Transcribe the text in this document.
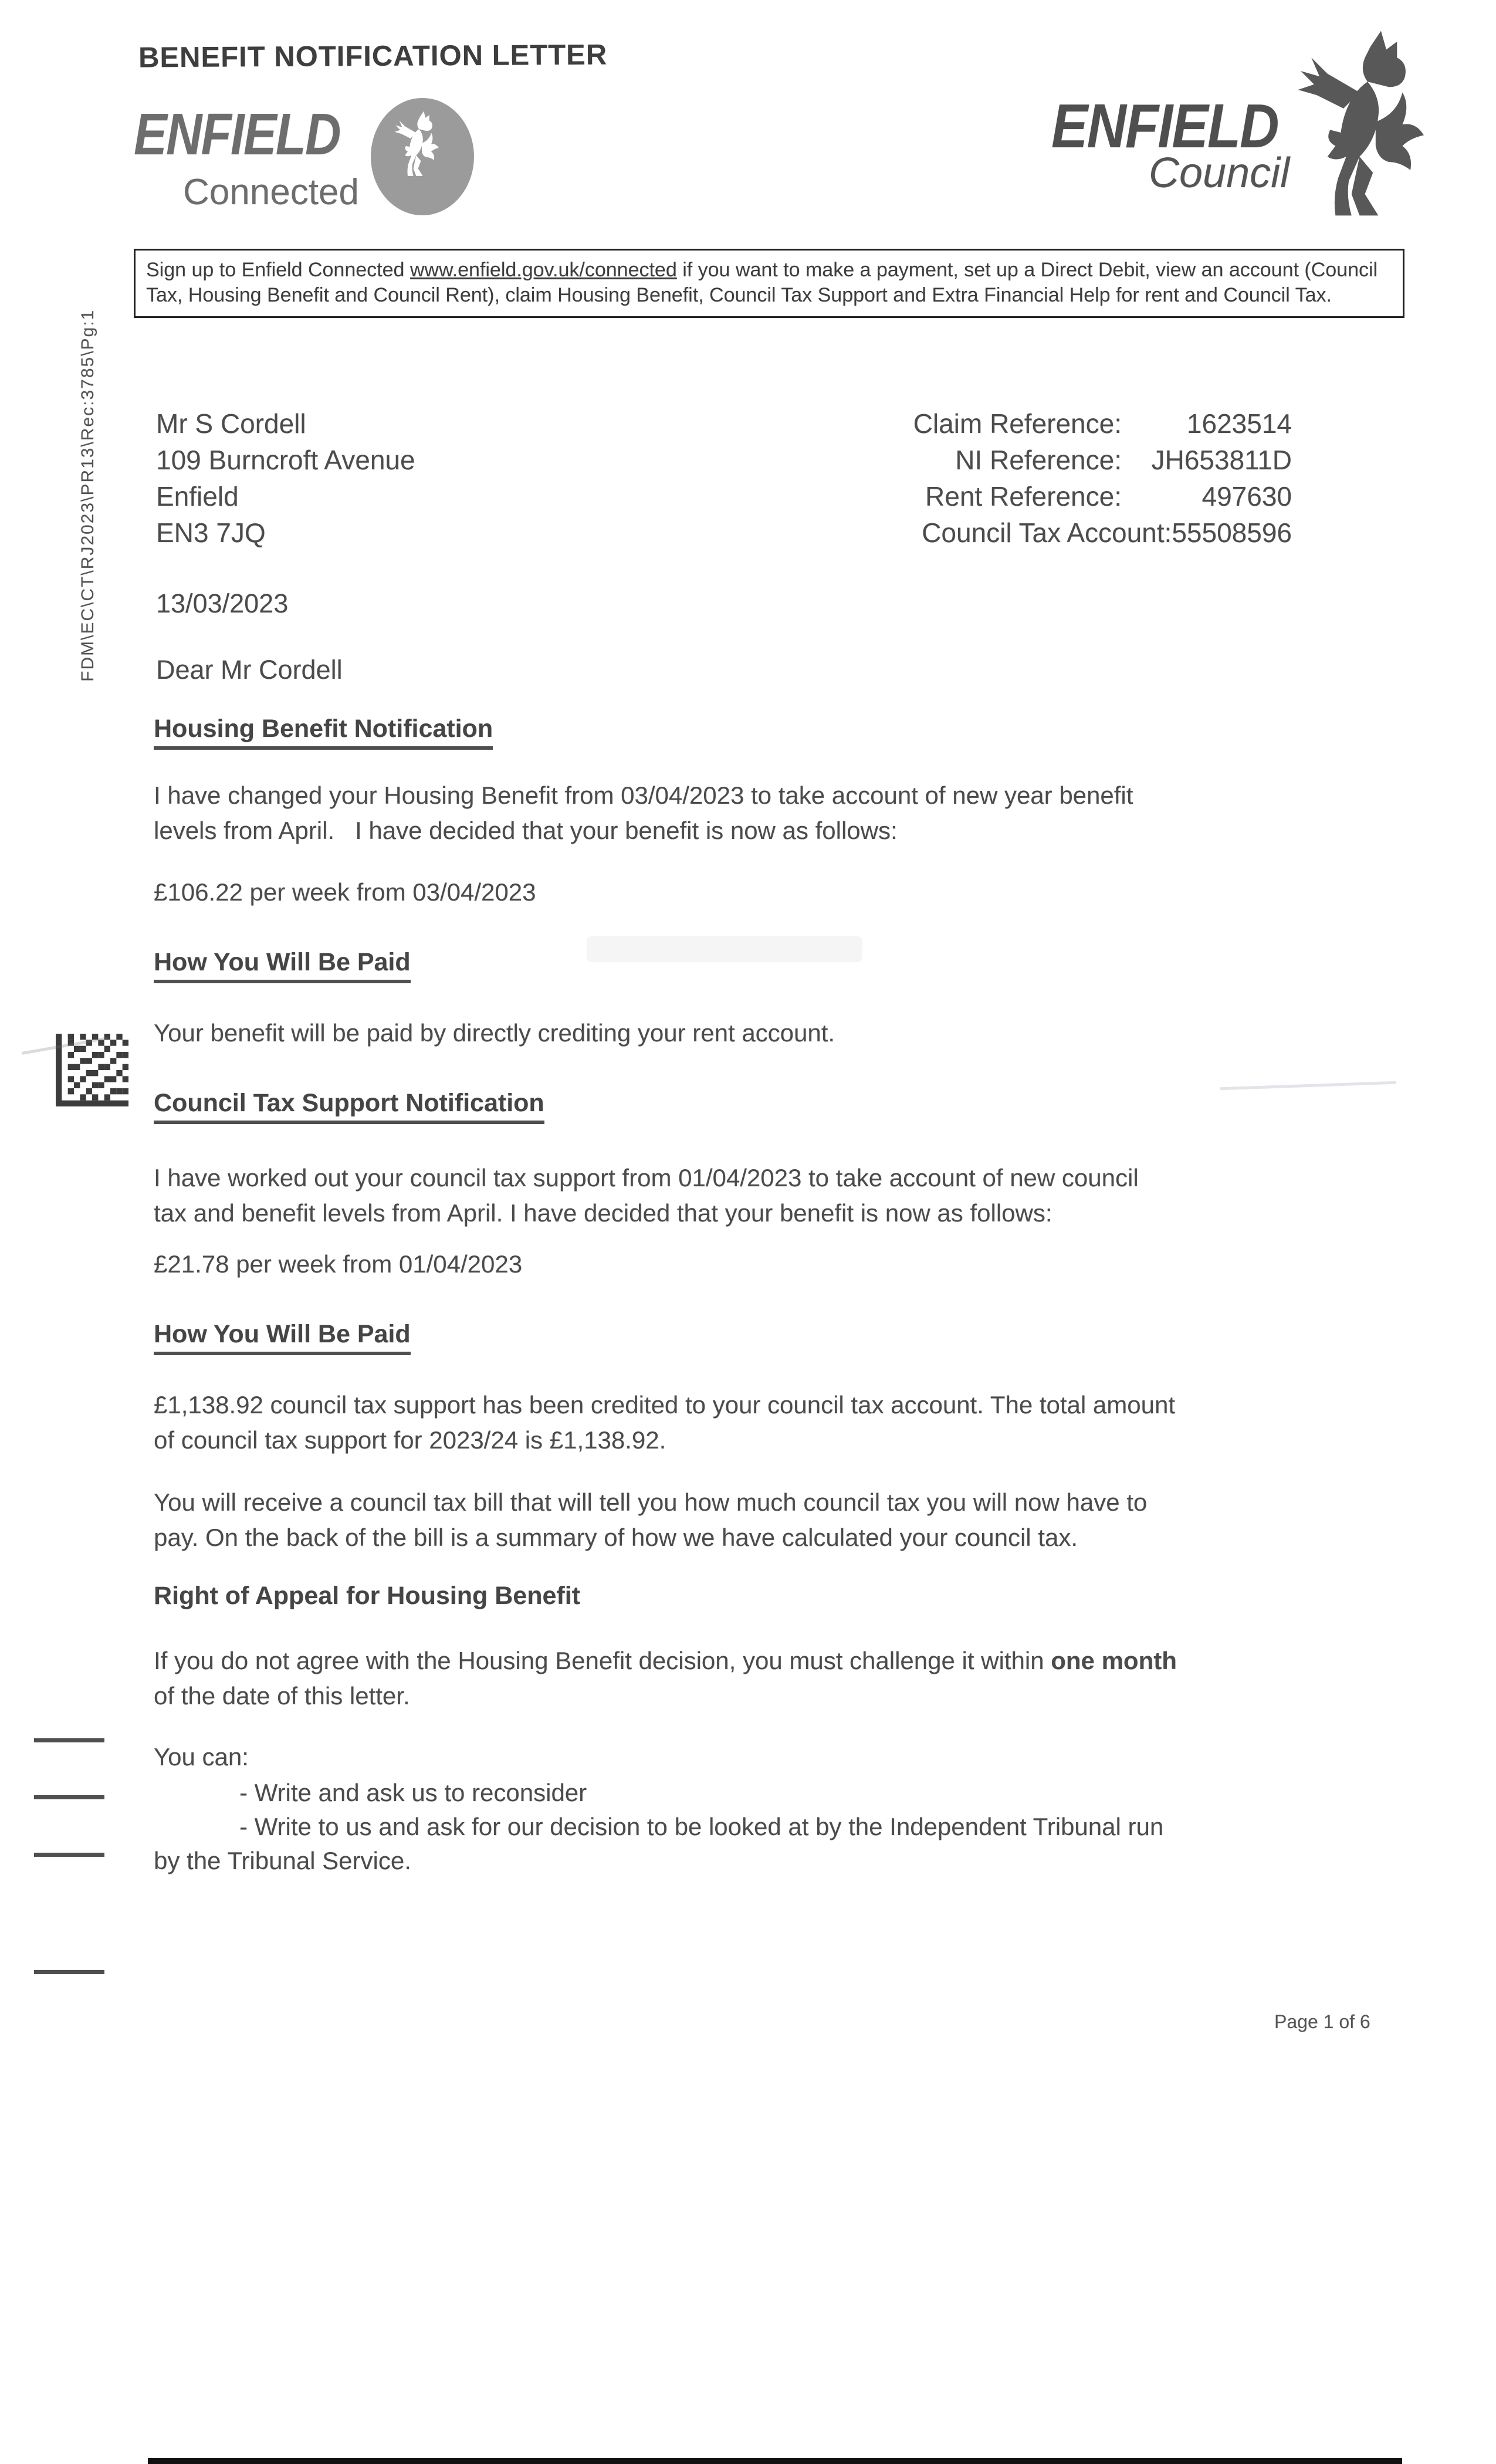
BENEFIT NOTIFICATION LETTER
ENFIELD
Connected
ENFIELD
Council
Sign up to Enfield Connected www.enfield.gov.uk/connected if you want to make a payment, set up a Direct Debit, view an account (Council Tax, Housing Benefit and Council Rent), claim Housing Benefit, Council Tax Support and Extra Financial Help for rent and Council Tax.
FDM\EC\CT\RJ2023\PR13\Rec:3785\Pg:1 Mr S Cordell
109 Burncroft Avenue
Enfield
EN3 7JQ
Claim Reference:	1623514
NI Reference:	JH653811D
Rent Reference:	497630
Council Tax Account: 55508596
13/03/2023
Dear Mr Cordell
Housing Benefit Notification
I have changed your Housing Benefit from 03/04/2023 to take account of new year benefit
levels from April.   I have decided that your benefit is now as follows:
£106.22 per week from 03/04/2023
How You Will Be Paid
Your benefit will be paid by directly crediting your rent account.
Council Tax Support Notification
I have worked out your council tax support from 01/04/2023 to take account of new council
tax and benefit levels from April. I have decided that your benefit is now as follows:
£21.78 per week from 01/04/2023
How You Will Be Paid
£1,138.92 council tax support has been credited to your council tax account. The total amount
of council tax support for 2023/24 is £1,138.92.
You will receive a council tax bill that will tell you how much council tax you will now have to
pay. On the back of the bill is a summary of how we have calculated your council tax.
Right of Appeal for Housing Benefit
If you do not agree with the Housing Benefit decision, you must challenge it within one month
of the date of this letter.
You can:
- Write and ask us to reconsider
- Write to us and ask for our decision to be looked at by the Independent Tribunal run
by the Tribunal Service.
Page 1 of 6
